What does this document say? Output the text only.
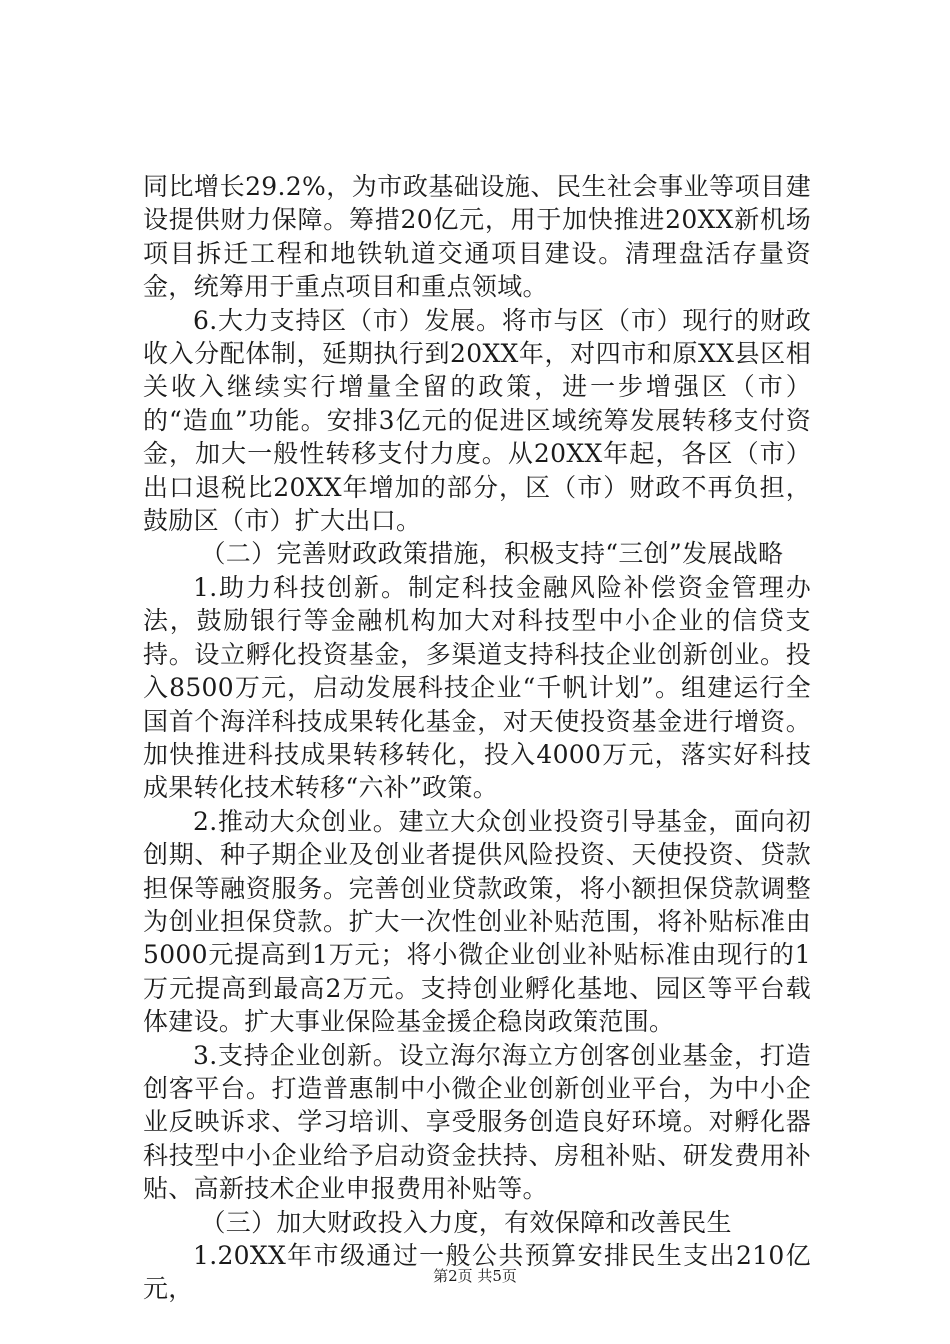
同比增长29.2%，为市政基础设施、民生社会事业等项目建设提供财力保障。筹措20亿元，用于加快推进20XX新机场项目拆迁工程和地铁轨道交通项目建设。清理盘活存量资金，统筹用于重点项目和重点领域。

6.大力支持区（市）发展。将市与区（市）现行的财政收入分配体制，延期执行到20XX年，对四市和原XX县区相关收入继续实行增量全留的政策，进一步增强区（市）的“造血”功能。安排3亿元的促进区域统筹发展转移支付资金，加大一般性转移支付力度。从20XX年起，各区（市）出口退税比20XX年增加的部分，区（市）财政不再负担，鼓励区（市）扩大出口。

（二）完善财政政策措施，积极支持“三创”发展战略

1.助力科技创新。制定科技金融风险补偿资金管理办法，鼓励银行等金融机构加大对科技型中小企业的信贷支持。设立孵化投资基金，多渠道支持科技企业创新创业。投入8500万元，启动发展科技企业“千帆计划”。组建运行全国首个海洋科技成果转化基金，对天使投资基金进行增资。加快推进科技成果转移转化，投入4000万元，落实好科技成果转化技术转移“六补”政策。

2.推动大众创业。建立大众创业投资引导基金，面向初创期、种子期企业及创业者提供风险投资、天使投资、贷款担保等融资服务。完善创业贷款政策，将小额担保贷款调整为创业担保贷款。扩大一次性创业补贴范围，将补贴标准由5000元提高到1万元；将小微企业创业补贴标准由现行的1万元提高到最高2万元。支持创业孵化基地、园区等平台载体建设。扩大事业保险基金援企稳岗政策范围。

3.支持企业创新。设立海尔海立方创客创业基金，打造创客平台。打造普惠制中小微企业创新创业平台，为中小企业反映诉求、学习培训、享受服务创造良好环境。对孵化器科技型中小企业给予启动资金扶持、房租补贴、研发费用补贴、高新技术企业申报费用补贴等。

（三）加大财政投入力度，有效保障和改善民生

1.20XX年市级通过一般公共预算安排民生支出210亿元，	第2页 共5页
